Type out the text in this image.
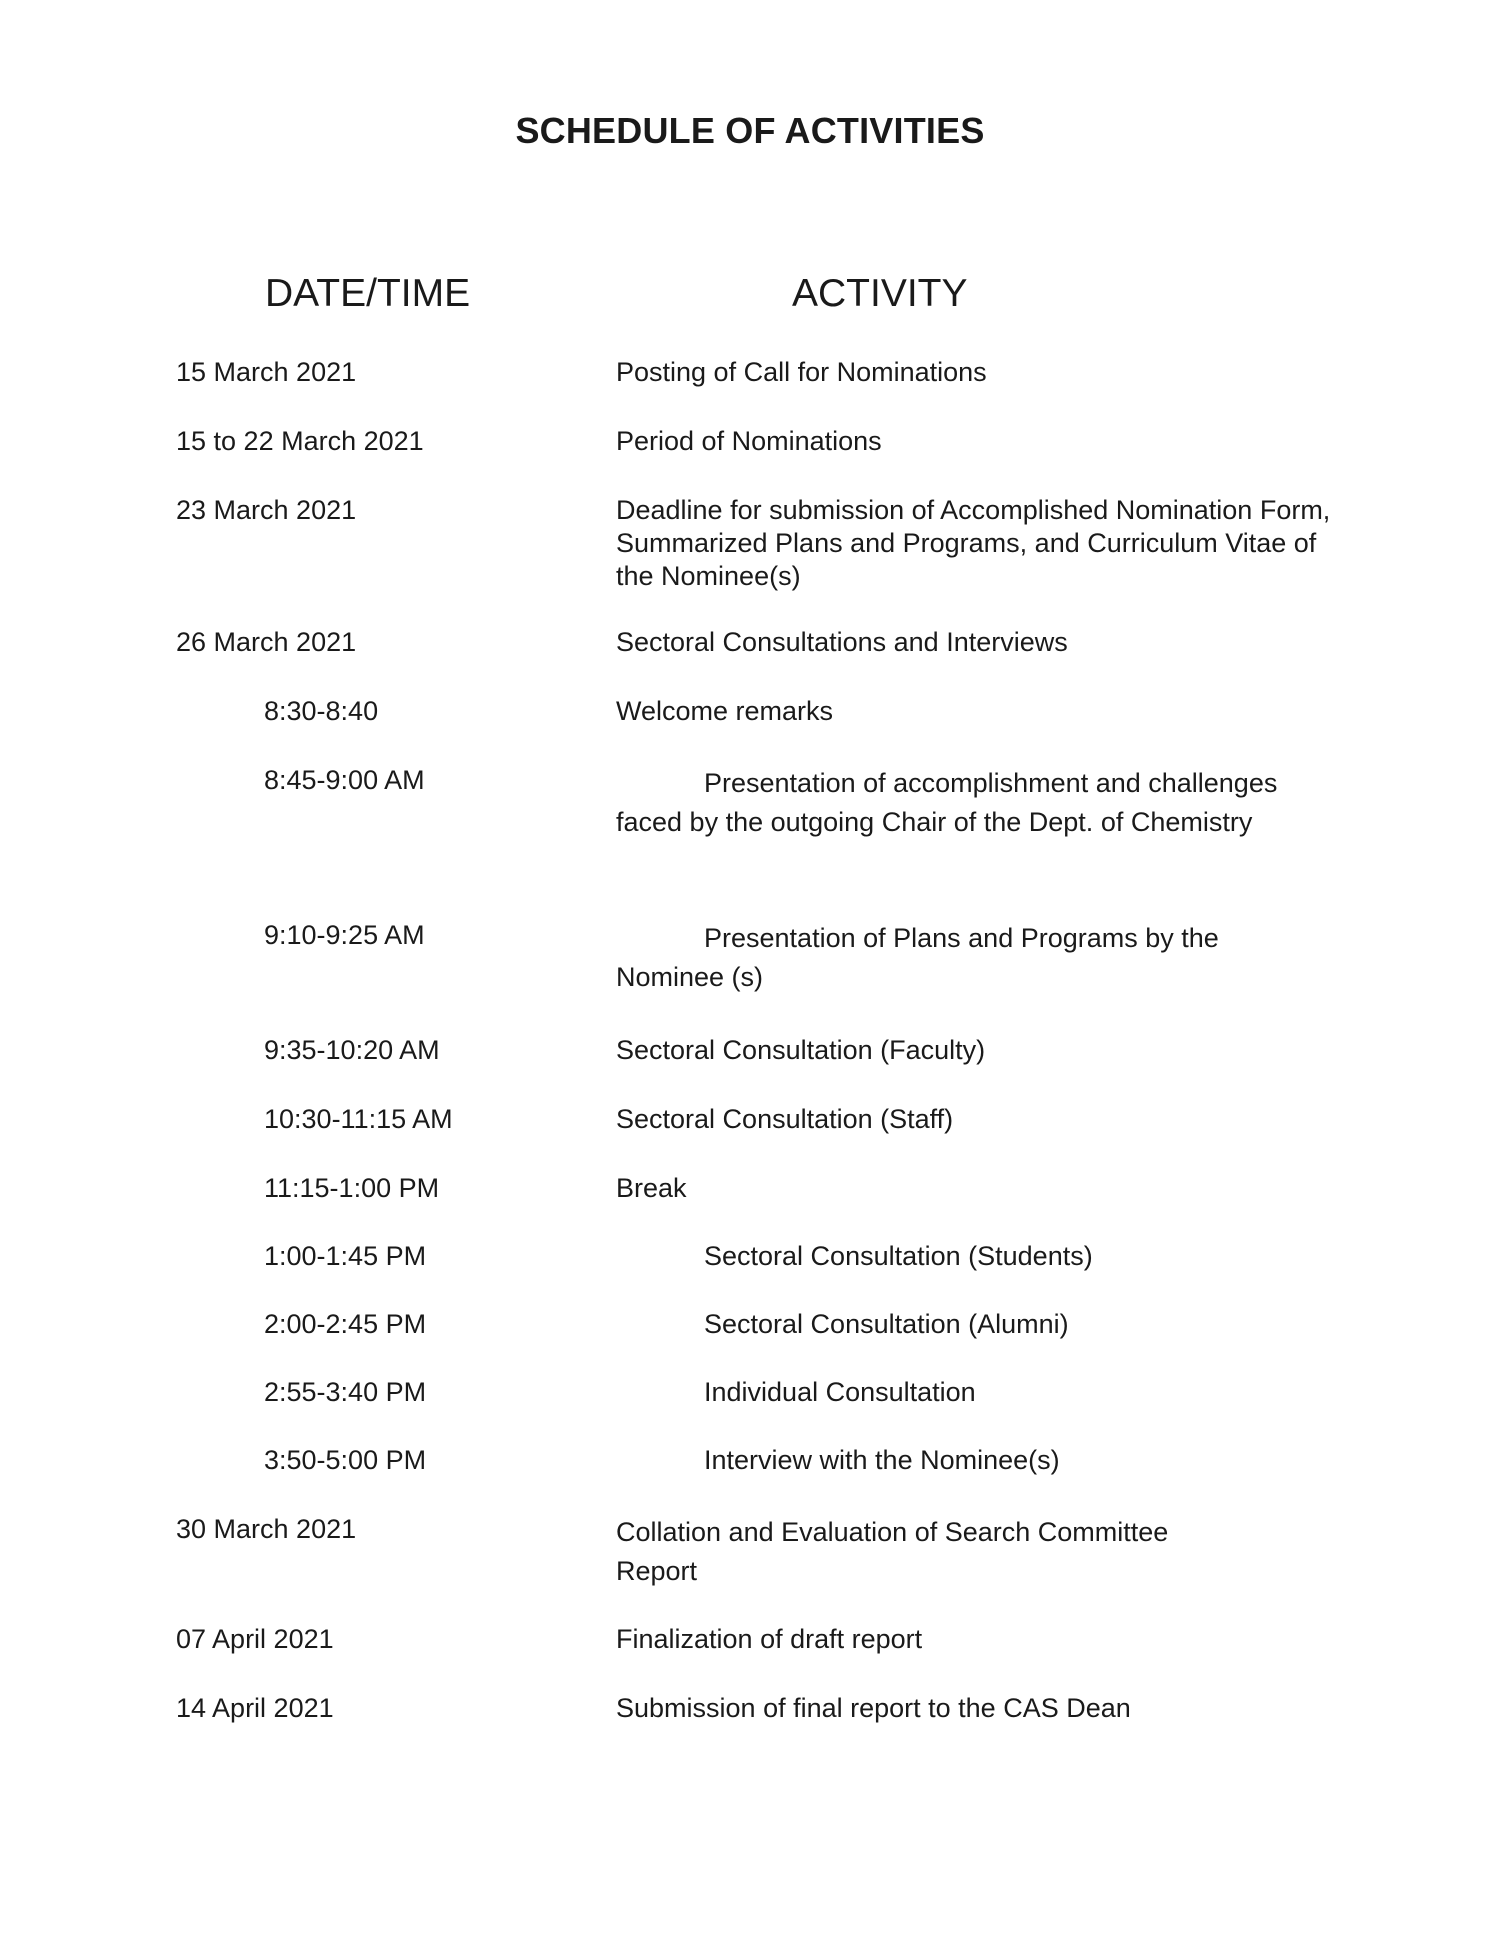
SCHEDULE OF ACTIVITIES
DATE/TIME	ACTIVITY
15 March 2021	Posting of Call for Nominations
15 to 22 March 2021	Period of Nominations
23 March 2021	Deadline for submission of Accomplished Nomination Form, Summarized Plans and Programs, and Curriculum Vitae of the Nominee(s)
26 March 2021	Sectoral Consultations and Interviews
8:30-8:40	Welcome remarks
8:45-9:00 AM	Presentation of accomplishment and challenges faced by the outgoing Chair of the Dept. of Chemistry
9:10-9:25 AM	Presentation of Plans and Programs by the Nominee (s)
9:35-10:20 AM	Sectoral Consultation (Faculty)
10:30-11:15 AM	Sectoral Consultation (Staff)
11:15-1:00 PM	Break
1:00-1:45 PM	Sectoral Consultation (Students)
2:00-2:45 PM	Sectoral Consultation (Alumni)
2:55-3:40 PM	Individual Consultation
3:50-5:00 PM	Interview with the Nominee(s)
30 March 2021	Collation and Evaluation of Search Committee Report
07 April 2021	Finalization of draft report
14 April 2021	Submission of final report to the CAS Dean
